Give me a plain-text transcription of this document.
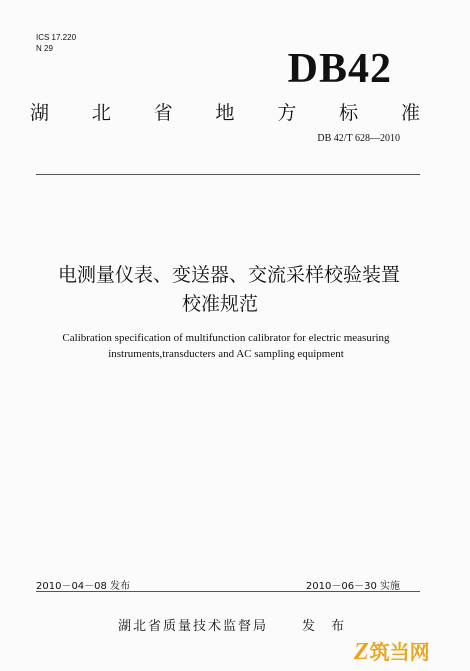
ICS 17.220
N 29	DB42
湖 北 省 地 方 标 准
DB 42/T 628—2010
电测量仪表、变送器、交流采样校验装置
校准规范
Calibration specification of multifunction calibrator for electric measuring
instruments,transducters and AC sampling equipment
2010－04－08 发布	2010－06－30 实施
湖北省质量技术监督局	发 布
Z筑当网
